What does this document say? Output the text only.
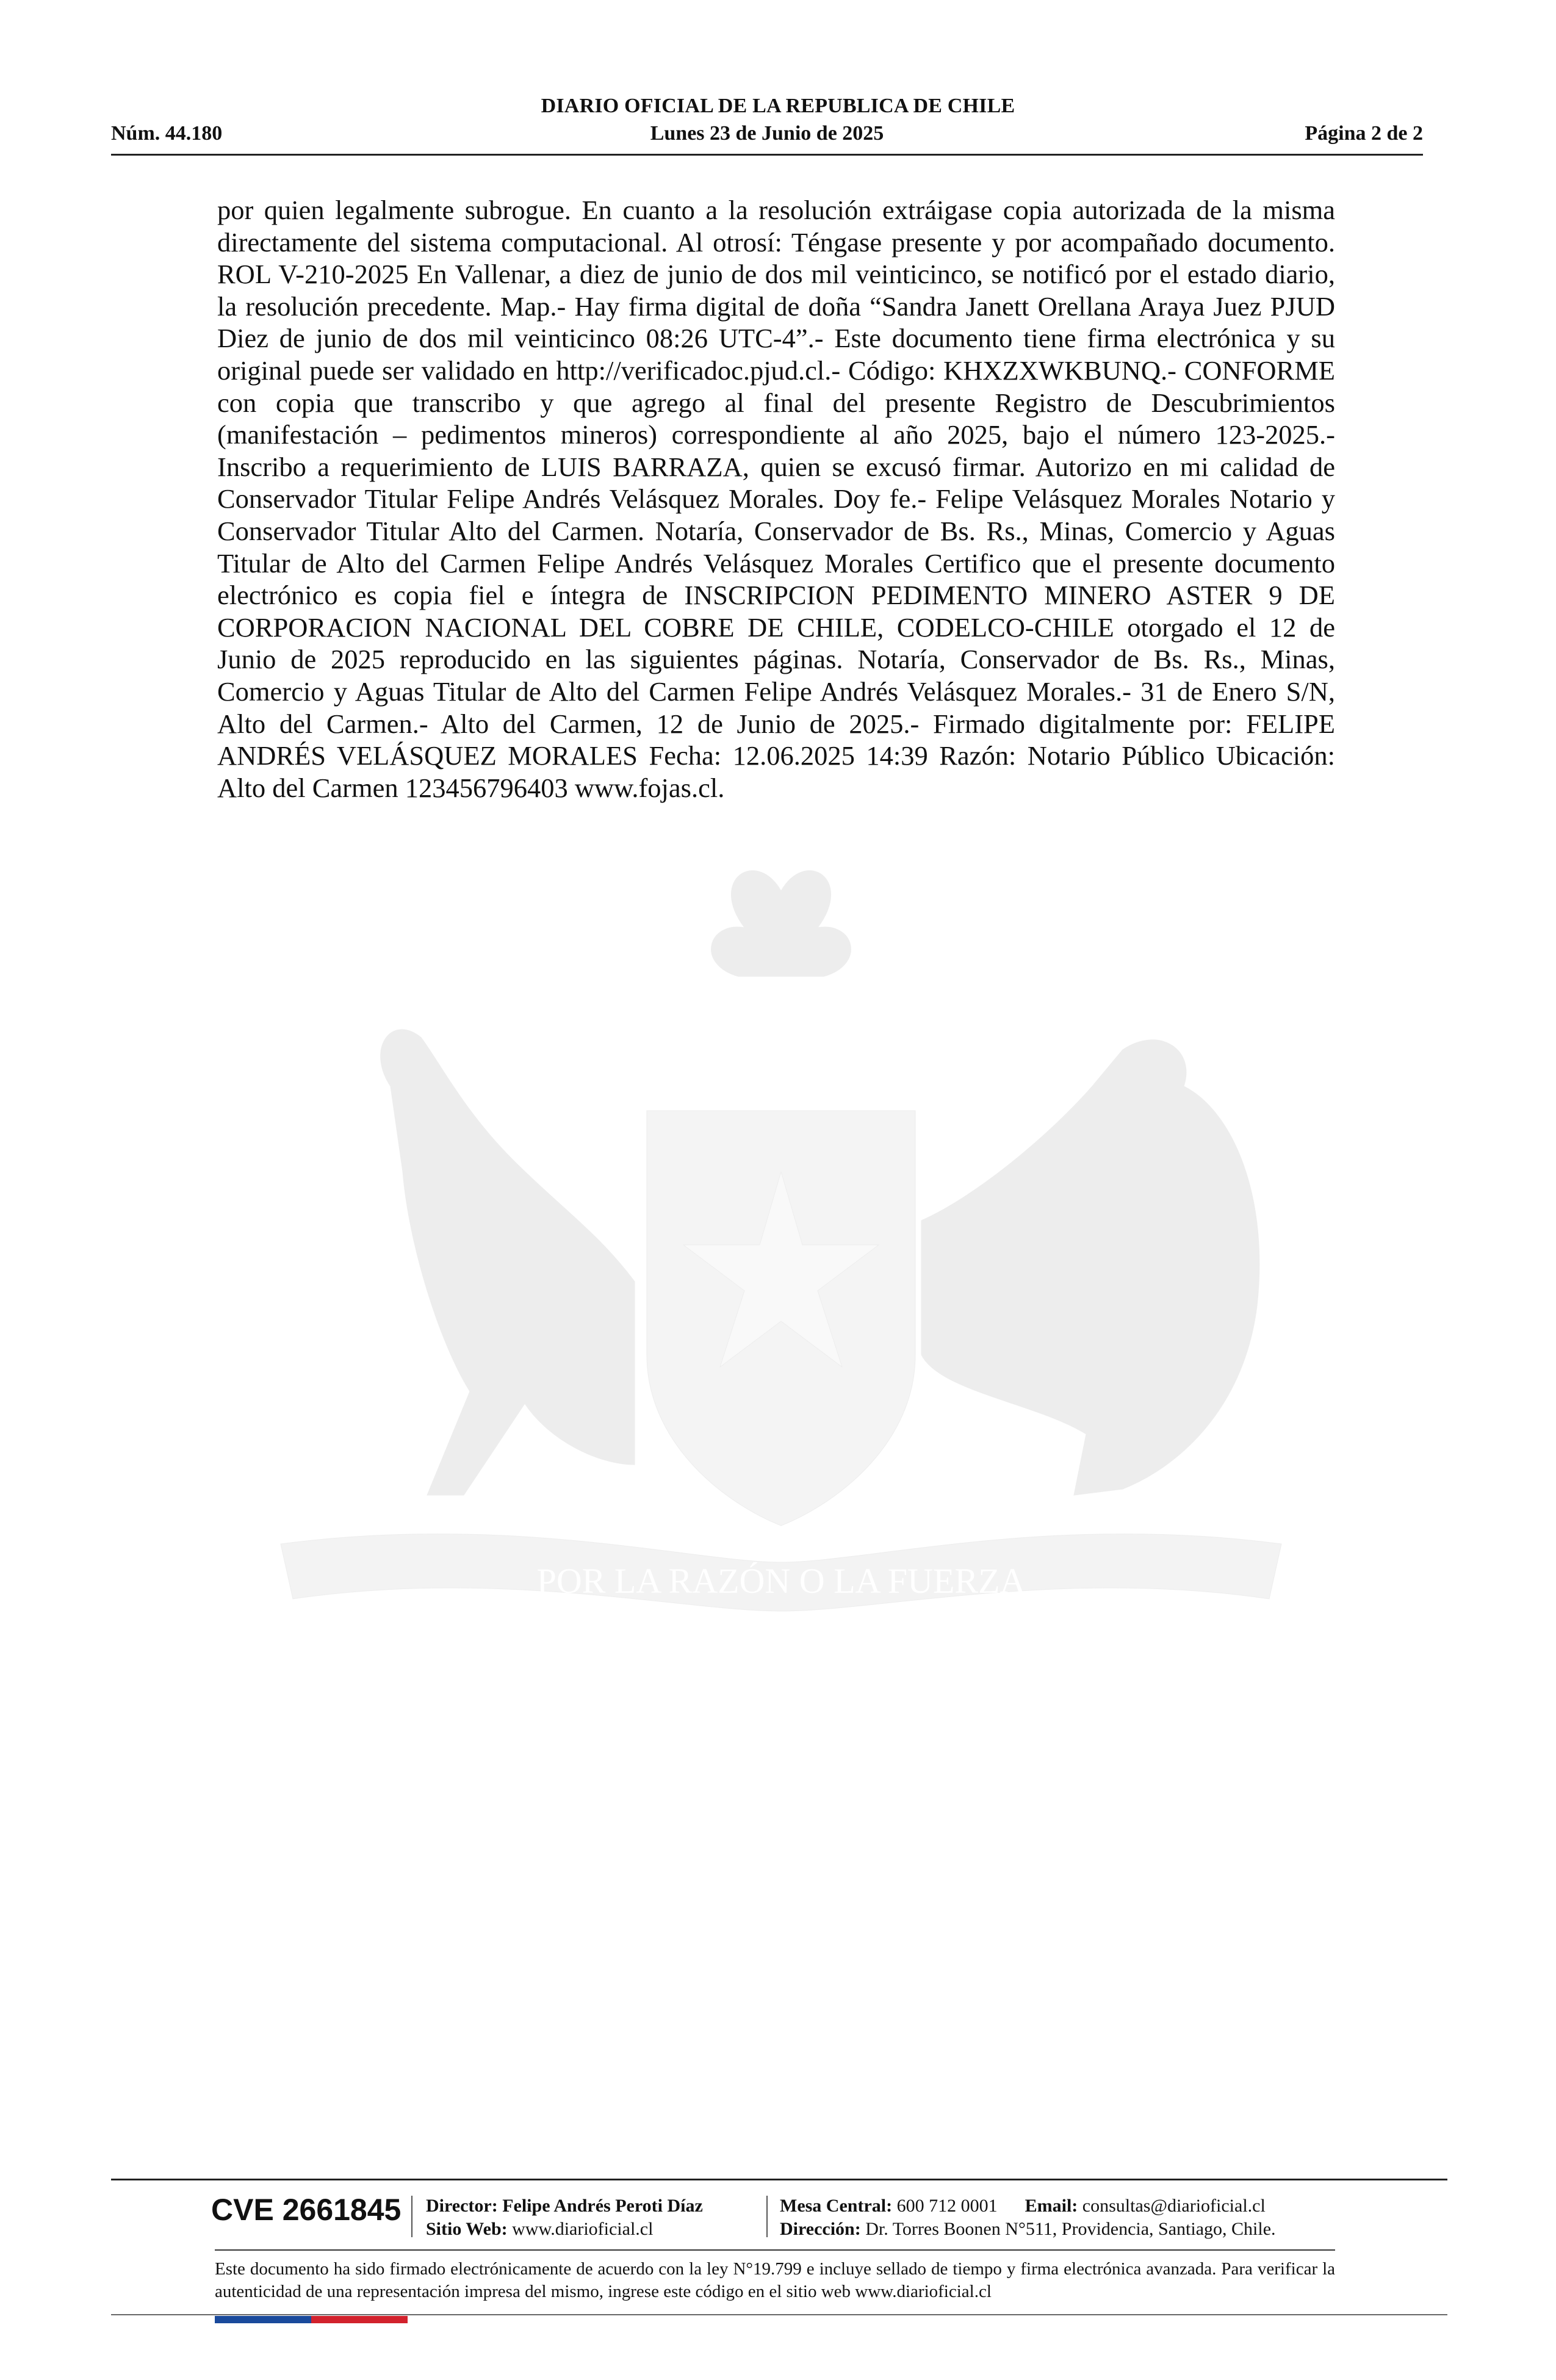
DIARIO OFICIAL DE LA REPUBLICA DE CHILE
Núm. 44.180	Lunes 23 de Junio de 2025	Página 2 de 2
POR LA RAZÓN O LA FUERZA
por quien legalmente subrogue. En cuanto a la resolución extráigase copia autorizada de la misma directamente del sistema computacional. Al otrosí: Téngase presente y por acompañado documento. ROL V-210-2025 En Vallenar, a diez de junio de dos mil veinticinco, se notificó por el estado diario, la resolución precedente. Map.- Hay firma digital de doña “Sandra Janett Orellana Araya Juez PJUD Diez de junio de dos mil veinticinco 08:26 UTC-4”.- Este documento tiene firma electrónica y su original puede ser validado en http://verificadoc.pjud.cl.- Código: KHXZXWKBUNQ.- CONFORME con copia que transcribo y que agrego al final del presente Registro de Descubrimientos (manifestación – pedimentos mineros) correspondiente al año 2025, bajo el número 123-2025.- Inscribo a requerimiento de LUIS BARRAZA, quien se excusó firmar. Autorizo en mi calidad de Conservador Titular Felipe Andrés Velásquez Morales. Doy fe.- Felipe Velásquez Morales Notario y Conservador Titular Alto del Carmen. Notaría, Conservador de Bs. Rs., Minas, Comercio y Aguas Titular de Alto del Carmen Felipe Andrés Velásquez Morales Certifico que el presente documento electrónico es copia fiel e íntegra de INSCRIPCION PEDIMENTO MINERO ASTER 9 DE CORPORACION NACIONAL DEL COBRE DE CHILE, CODELCO-CHILE otorgado el 12 de Junio de 2025 reproducido en las siguientes páginas. Notaría, Conservador de Bs. Rs., Minas, Comercio y Aguas Titular de Alto del Carmen Felipe Andrés Velásquez Morales.- 31 de Enero S/N, Alto del Carmen.- Alto del Carmen, 12 de Junio de 2025.- Firmado digitalmente por: FELIPE ANDRÉS VELÁSQUEZ MORALES Fecha: 12.06.2025 14:39 Razón: Notario Público Ubicación: Alto del Carmen 123456796403 www.fojas.cl.
CVE 2661845 Director: Felipe Andrés Peroti Díaz
Sitio Web: www.diarioficial.cl
Mesa Central: 600 712 0001 Email: consultas@diarioficial.cl
Dirección: Dr. Torres Boonen N°511, Providencia, Santiago, Chile.
Este documento ha sido firmado electrónicamente de acuerdo con la ley N°19.799 e incluye sellado de tiempo y firma electrónica avanzada. Para verificar la autenticidad de una representación impresa del mismo, ingrese este código en el sitio web www.diarioficial.cl
